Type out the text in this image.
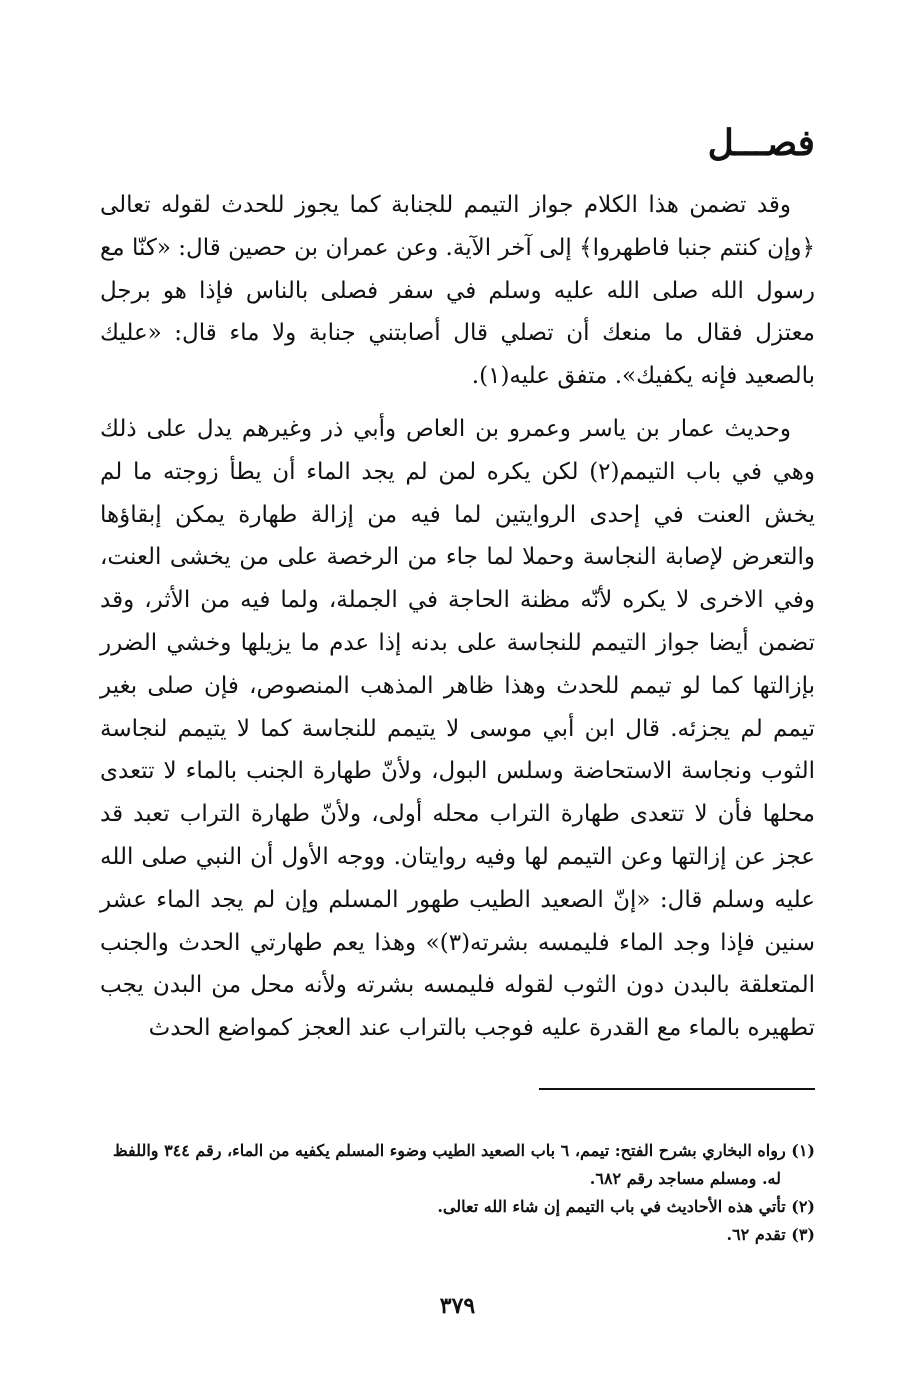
فصـــل

وقد تضمن هذا الكلام جواز التيمم للجنابة كما يجوز للحدث لقوله تعالى ﴿وإن كنتم جنبا فاطهروا﴾ إلى آخر الآية. وعن عمران بن حصين قال: «كنّا مع رسول الله صلى الله عليه وسلم في سفر فصلى بالناس فإذا هو برجل معتزل فقال ما منعك أن تصلي قال أصابتني جنابة ولا ماء قال: «عليك بالصعيد فإنه يكفيك». متفق عليه(١).

وحديث عمار بن ياسر وعمرو بن العاص وأبي ذر وغيرهم يدل على ذلك وهي في باب التيمم(٢) لكن يكره لمن لم يجد الماء أن يطأ زوجته ما لم يخش العنت في إحدى الروايتين لما فيه من إزالة طهارة يمكن إبقاؤها والتعرض لإصابة النجاسة وحملا لما جاء من الرخصة على من يخشى العنت، وفي الاخرى لا يكره لأنّه مظنة الحاجة في الجملة، ولما فيه من الأثر، وقد تضمن أيضا جواز التيمم للنجاسة على بدنه إذا عدم ما يزيلها وخشي الضرر بإزالتها كما لو تيمم للحدث وهذا ظاهر المذهب المنصوص، فإن صلى بغير تيمم لم يجزئه. قال ابن أبي موسى لا يتيمم للنجاسة كما لا يتيمم لنجاسة الثوب ونجاسة الاستحاضة وسلس البول، ولأنّ طهارة الجنب بالماء لا تتعدى محلها فأن لا تتعدى طهارة التراب محله أولى، ولأنّ طهارة التراب تعبد قد عجز عن إزالتها وعن التيمم لها وفيه روايتان. ووجه الأول أن النبي صلى الله عليه وسلم قال: «إنّ الصعيد الطيب طهور المسلم وإن لم يجد الماء عشر سنين فإذا وجد الماء فليمسه بشرته(٣)» وهذا يعم طهارتي الحدث والجنب المتعلقة بالبدن دون الثوب لقوله فليمسه بشرته ولأنه محل من البدن يجب تطهيره بالماء مع القدرة عليه فوجب بالتراب عند العجز كمواضع الحدث

(١) رواه البخاري بشرح الفتح: تيمم، ٦ باب الصعيد الطيب وضوء المسلم يكفيه من الماء، رقم ٣٤٤ واللفظ له. ومسلم مساجد رقم ٦٨٢.

(٢) تأتي هذه الأحاديث في باب التيمم إن شاء الله تعالى.

(٣) تقدم ٦٢.

٣٧٩
